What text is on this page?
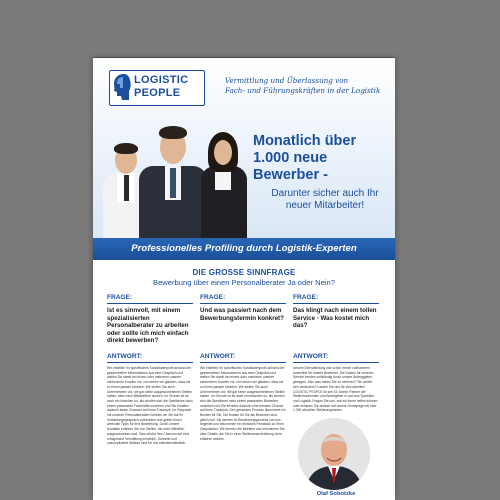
LOGISTIC
PEOPLE
Vermittlung und Überlassung von
Fach- und Führungskräften in der Logistik
Monatlich über 1.000 neue Bewerber -
Darunter sicher auch Ihr neuer Mitarbeiter!
Professionelles Profiling durch Logistik-Experten
DIE GROSSE SINNFRAGE
Bewerbung über einen Personalberater Ja oder Nein?
FRAGE:
Ist es sinnvoll, mit einem spezialisierten Personalberater zu arbeiten oder sollte ich mich einfach direkt bewerben?
ANTWORT:
Wir erstellen ihr spezifisches Kandidatenprofil anhand der gesammelten Informationen aus dem Gespräch und stellen Sie damit bei einem oder mehreren unserer zahlreichen Kunden vor, von denen wir glauben, dass sie zu Ihnen passen könnten. Wir stellen Sie auch Unternehmen vor, die gar keine ausgeschriebenen Stellen haben, aber nach Mitarbeitern suchen. Im Grunde ist es auch ein bisschen so, als würden sich die Spediteure nach einem passenden Fachkräfte umsehen und Sie erhalten dadurch beste Chancen auf Ihren Traumjob. Im Gespräch mit unseren Personalberatern können wir Sie auf Ihr Vorstellungsgespräch vorbereiten und geben Ihnen wertvolle Tipps für Ihre Bewerbung. Durch unsere Kontakte erfahren Sie von Stellen, die nicht öffentlich ausgeschrieben sind. Dies erhöht Ihre Chancen auf eine erfolgreiche Vermittlung erheblich. Schnelle und unkomplizierte Abläufe sind für uns selbstverständlich.
FRAGE:
Und was passiert nach dem Bewerbungstermin konkret?
ANTWORT:
Wir erstellen Ihr spezifisches Kandidatenprofil anhand der gesammelten Informationen aus dem Gespräch und stellen Sie damit bei einem oder mehreren unserer zahlreichen Kunden vor, von denen wir glauben, dass sie zu Ihnen passen könnten. Wir stellen Sie auch Unternehmen vor, die gar keine ausgeschriebenen Stellen haben. Im Grunde ist es auch ein bisschen so, als würden sich die Spediteure nach einem passenden Bewerber umsehen und Sie erhalten dadurch eine bessere Chance auf Ihren Traumjob. Den gesamten Prozess übernimmt ein Berater für Sie. Die Kosten für Sie als Bewerber sind gleich null. Sie werden im Bewerbungsprozess von uns begleitet und bekommen ein ehrliches Feedback zu Ihren Gesprächen. Wir kennen die Betriebe und informieren Sie über Details, die Sie in einer Stellenausschreibung nicht erfahren würden.
FRAGE:
Das klingt nach einem tollen Service - Was kostet mich das?
ANTWORT:
Unsere Dienstleistung war schon immer vollkommen kostenfrei für unsere Bewerber. Die Kosten für unseren Service werden vollständig durch unsere Auftraggeber getragen. Also was haben Sie zu verlieren? Sie wollen sich verändern? Lassen Sie uns für sich arbeiten! LOGISTIC PEOPLE ist seit 15 Jahren Partner der Stellensuchenden und Arbeitgeber in und aus Spedition und Logistik. Fragen Sie uns, wie wir Ihnen helfen können oder schauen Sie einfach auf unsere Homepage mit über 1.000 aktuellen Stellenangeboten.
Olaf Sobotzke
